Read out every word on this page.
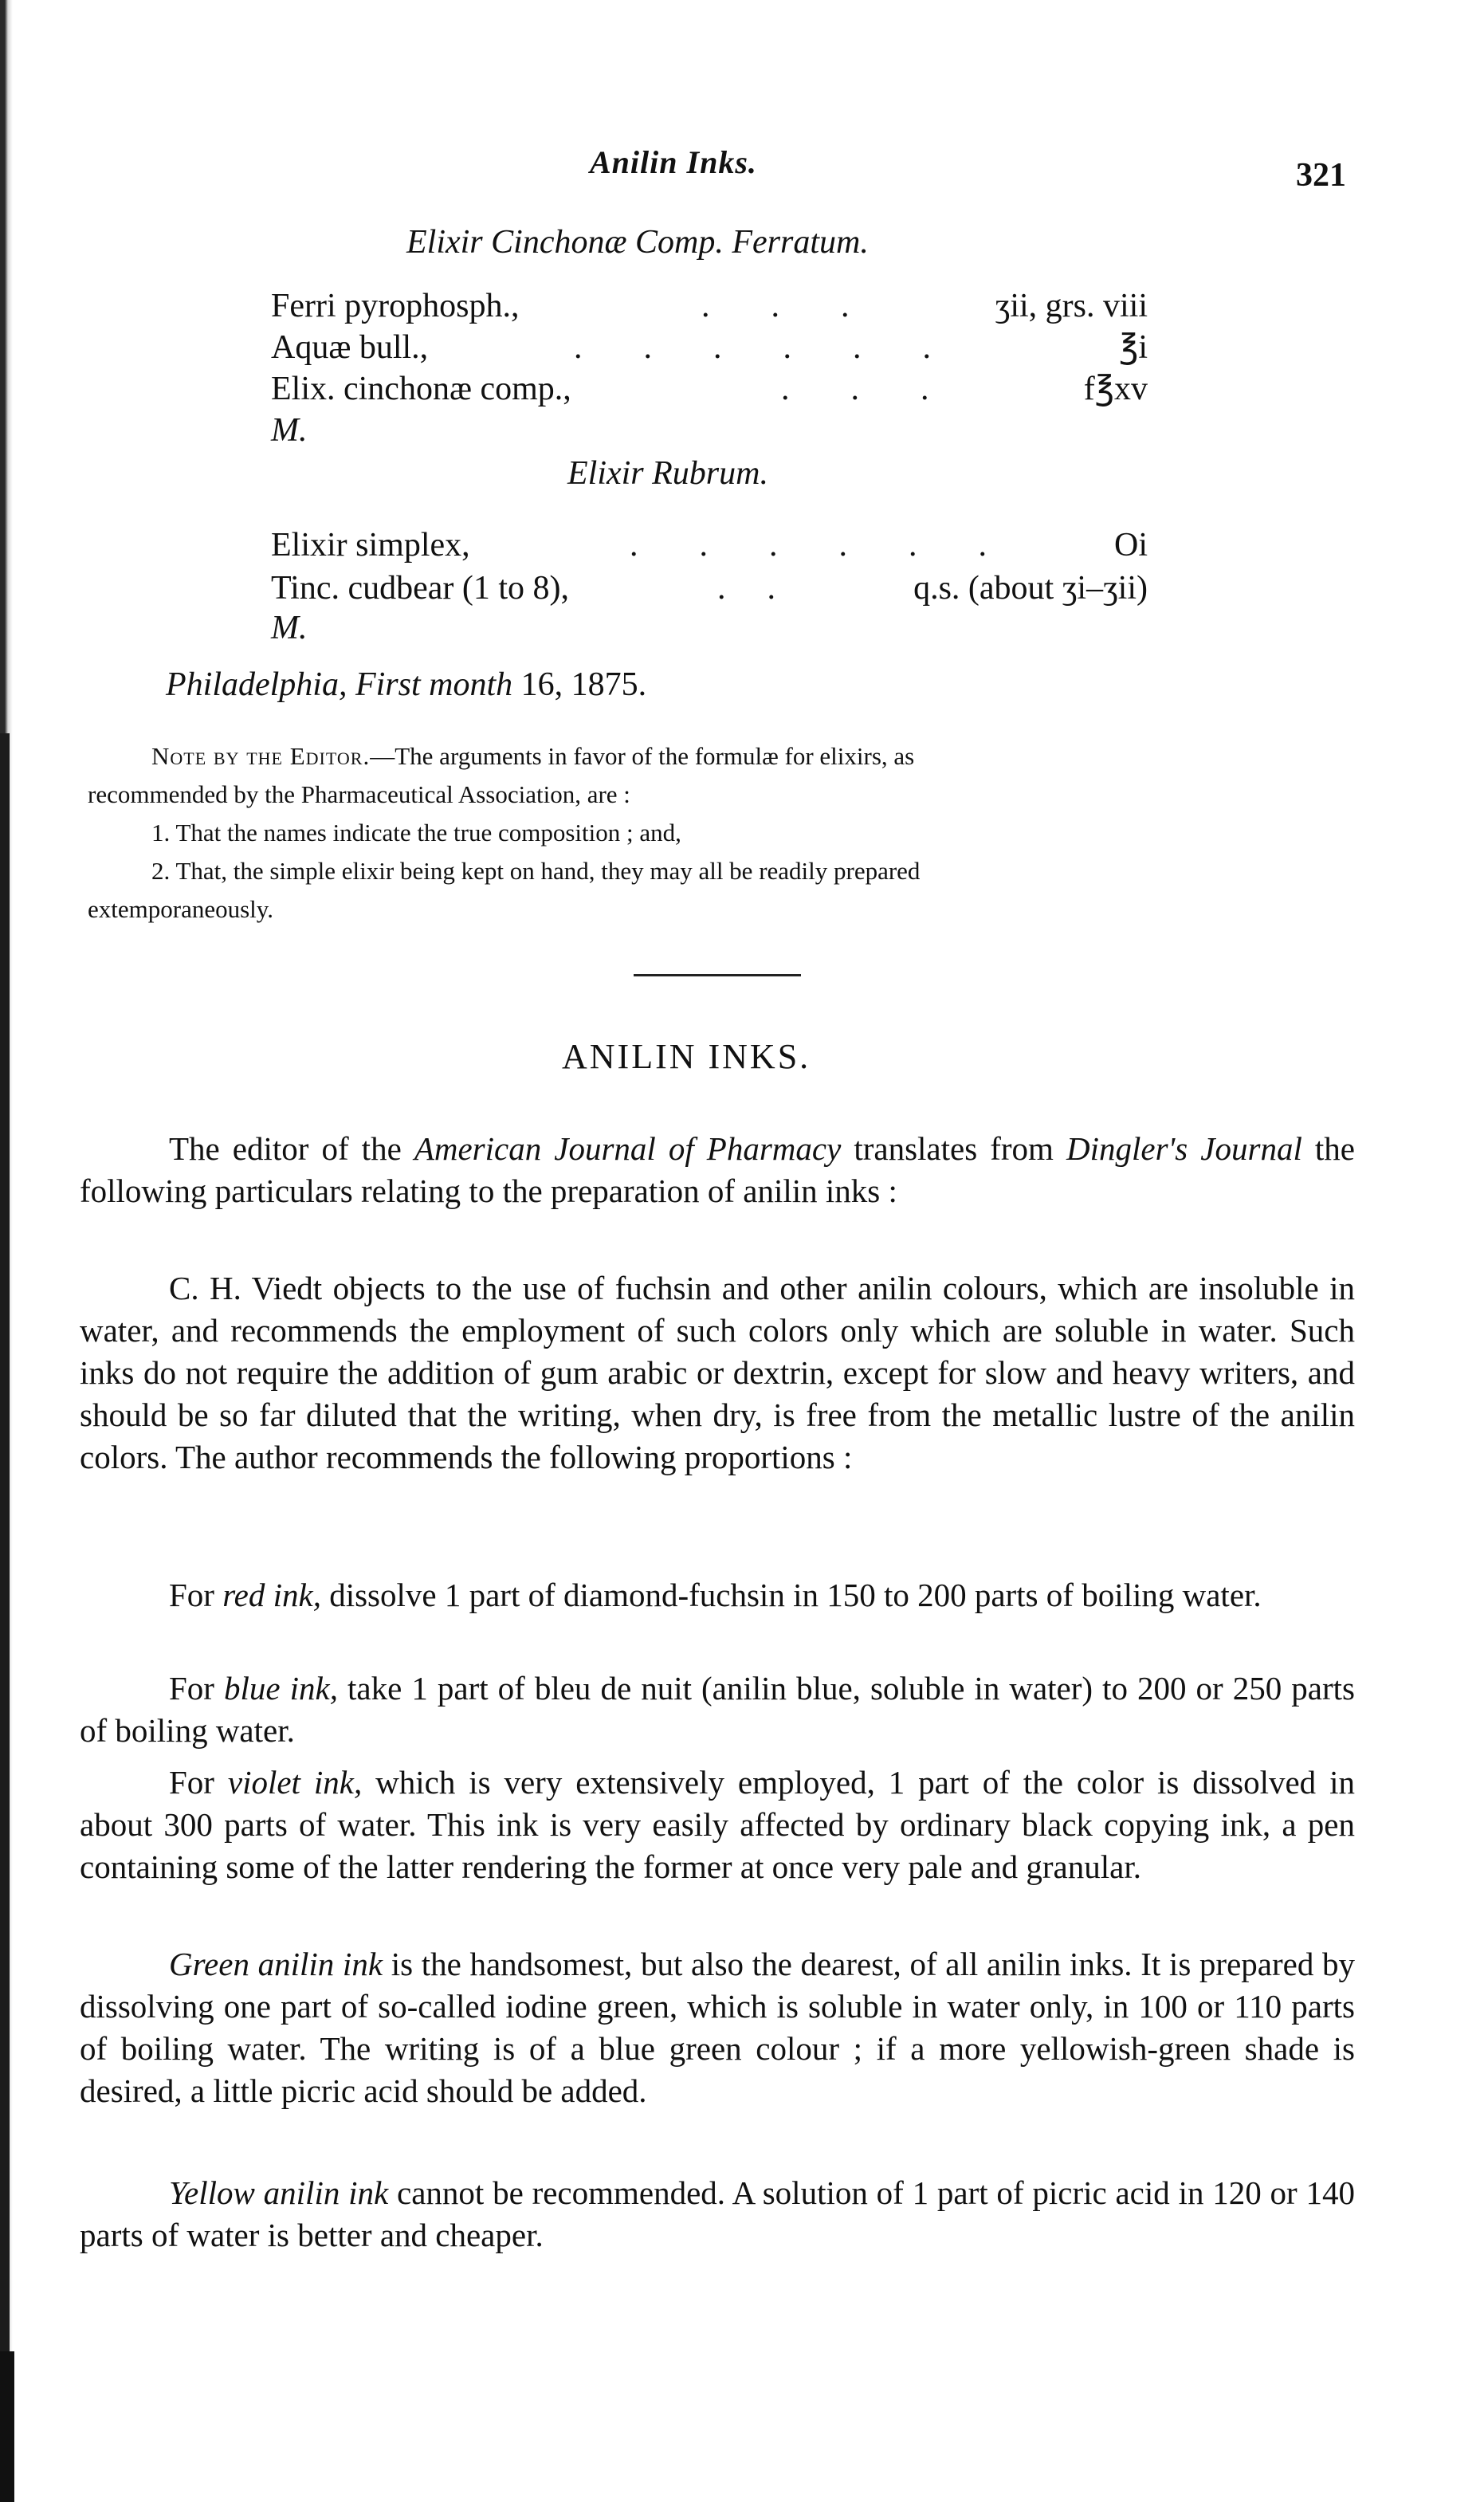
Anilin Inks.	321
Elixir Cinchonæ Comp. Ferratum.
Ferri pyrophosph.,	.      .      .	ʒii, grs. viii
Aquæ bull.,	.      .      .      .      .      .	℥i
Elix. cinchonæ comp.,	.      .      .	f℥xv
M.
Elixir Rubrum.
Elixir simplex,	.      .      .      .      .      .	Oi
Tinc. cudbear (1 to 8),	.    .	q.s. (about ʒi–ʒii)
M.
Philadelphia, First month 16, 1875.
Note by the Editor.—The arguments in favor of the formulæ for elixirs, as
recommended by the Pharmaceutical Association, are :
1. That the names indicate the true composition ; and,
2. That, the simple elixir being kept on hand, they may all be readily prepared
extemporaneously.
ANILIN INKS.
The editor of the American Journal of Pharmacy translates from Dingler's Journal the following particulars relating to the preparation of anilin inks :
C. H. Viedt objects to the use of fuchsin and other anilin colours, which are insoluble in water, and recommends the employment of such colors only which are soluble in water. Such inks do not require the addition of gum arabic or dextrin, except for slow and heavy writers, and should be so far diluted that the writing, when dry, is free from the metallic lustre of the anilin colors. The author recommends the following proportions :
For red ink, dissolve 1 part of diamond-fuchsin in 150 to 200 parts of boiling water.
For blue ink, take 1 part of bleu de nuit (anilin blue, soluble in water) to 200 or 250 parts of boiling water.
For violet ink, which is very extensively employed, 1 part of the color is dissolved in about 300 parts of water. This ink is very easily affected by ordinary black copying ink, a pen containing some of the latter rendering the former at once very pale and granular.
Green anilin ink is the handsomest, but also the dearest, of all anilin inks. It is prepared by dissolving one part of so-called iodine green, which is soluble in water only, in 100 or 110 parts of boiling water. The writing is of a blue green colour ; if a more yellowish-green shade is desired, a little picric acid should be added.
Yellow anilin ink cannot be recommended. A solution of 1 part of picric acid in 120 or 140 parts of water is better and cheaper.
